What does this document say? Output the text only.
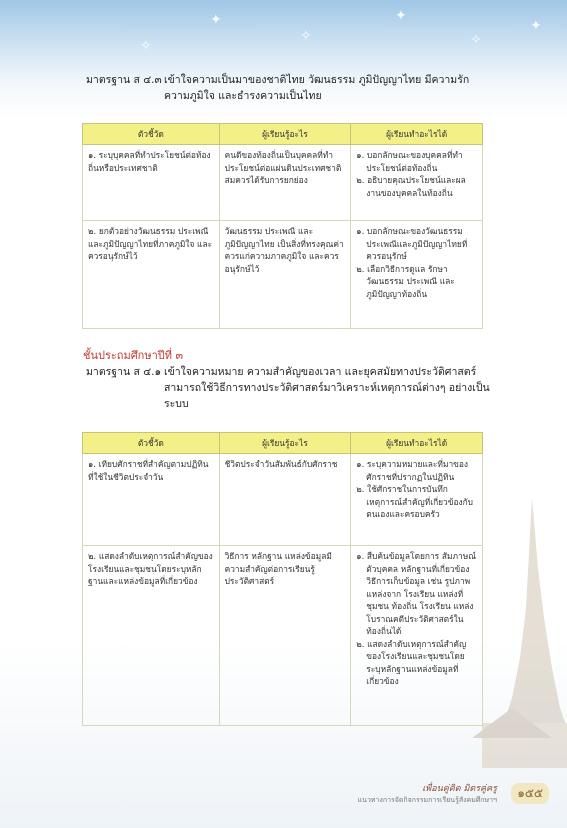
✦
✧
✦
✧
✦
✧
มาตรฐาน ส ๔.๓ เข้าใจความเป็นมาของชาติไทย วัฒนธรรม ภูมิปัญญาไทย มีความรัก
ความภูมิใจ และธำรงความเป็นไทย
ตัวชี้วัด	ผู้เรียนรู้อะไร	ผู้เรียนทำอะไรได้
๑. ระบุบุคคลที่ทำประโยชน์ต่อท้องถิ่นหรือประเทศชาติ	คนดีของท้องถิ่นเป็นบุคคลที่ทำประโยชน์ต่อแผ่นดินประเทศชาติ สมควรได้รับการยกย่อง	๑. บอกลักษณะของบุคคลที่ทำประโยชน์ต่อท้องถิ่น
๒. อธิบายคุณประโยชน์และผลงานของบุคคลในท้องถิ่น

๒. ยกตัวอย่างวัฒนธรรม ประเพณี และภูมิปัญญาไทยที่ภาคภูมิใจ และควรอนุรักษ์ไว้	วัฒนธรรม ประเพณี และภูมิปัญญาไทย เป็นสิ่งที่ทรงคุณค่าควรแก่ความภาคภูมิใจ และควรอนุรักษ์ไว้	๑. บอกลักษณะของวัฒนธรรม ประเพณีและภูมิปัญญาไทยที่ควรอนุรักษ์
๒. เลือกวิธีการดูแล รักษา วัฒนธรรม ประเพณี และภูมิปัญญาท้องถิ่น
ชั้นประถมศึกษาปีที่ ๓
มาตรฐาน ส ๔.๑ เข้าใจความหมาย ความสำคัญของเวลา และยุคสมัยทางประวัติศาสตร์
สามารถใช้วิธีการทางประวัติศาสตร์มาวิเคราะห์เหตุการณ์ต่างๆ อย่างเป็น
ระบบ
ตัวชี้วัด	ผู้เรียนรู้อะไร	ผู้เรียนทำอะไรได้
๑. เทียบศักราชที่สำคัญตามปฏิทินที่ใช้ในชีวิตประจำวัน	ชีวิตประจำวันสัมพันธ์กับศักราช	๑. ระบุความหมายและที่มาของศักราชที่ปรากฏในปฏิทิน
๒. ใช้ศักราชในการบันทึกเหตุการณ์สำคัญที่เกี่ยวข้องกับตนเองและครอบครัว

๒. แสดงลำดับเหตุการณ์สำคัญของโรงเรียนและชุมชนโดยระบุหลักฐานและแหล่งข้อมูลที่เกี่ยวข้อง	วิธีการ หลักฐาน แหล่งข้อมูลมีความสำคัญต่อการเรียนรู้ประวัติศาสตร์	๑. สืบค้นข้อมูลโดยการ สัมภาษณ์ตัวบุคคล หลักฐานที่เกี่ยวข้อง วิธีการเก็บข้อมูล เช่น รูปภาพ แหล่งจาก โรงเรียน แหล่งที่ชุมชน ท้องถิ่น โรงเรียน แหล่งโบราณคดีประวัติศาสตร์ในท้องถิ่นได้
๒. แสดงลำดับเหตุการณ์สำคัญของโรงเรียนและชุมชนโดยระบุหลักฐานแหล่งข้อมูลที่เกี่ยวข้อง
เพื่อนคู่คิด มิตรคู่ครู
แนวทางการจัดกิจกรรมการเรียนรู้สังคมศึกษาฯ	๑๕๕
